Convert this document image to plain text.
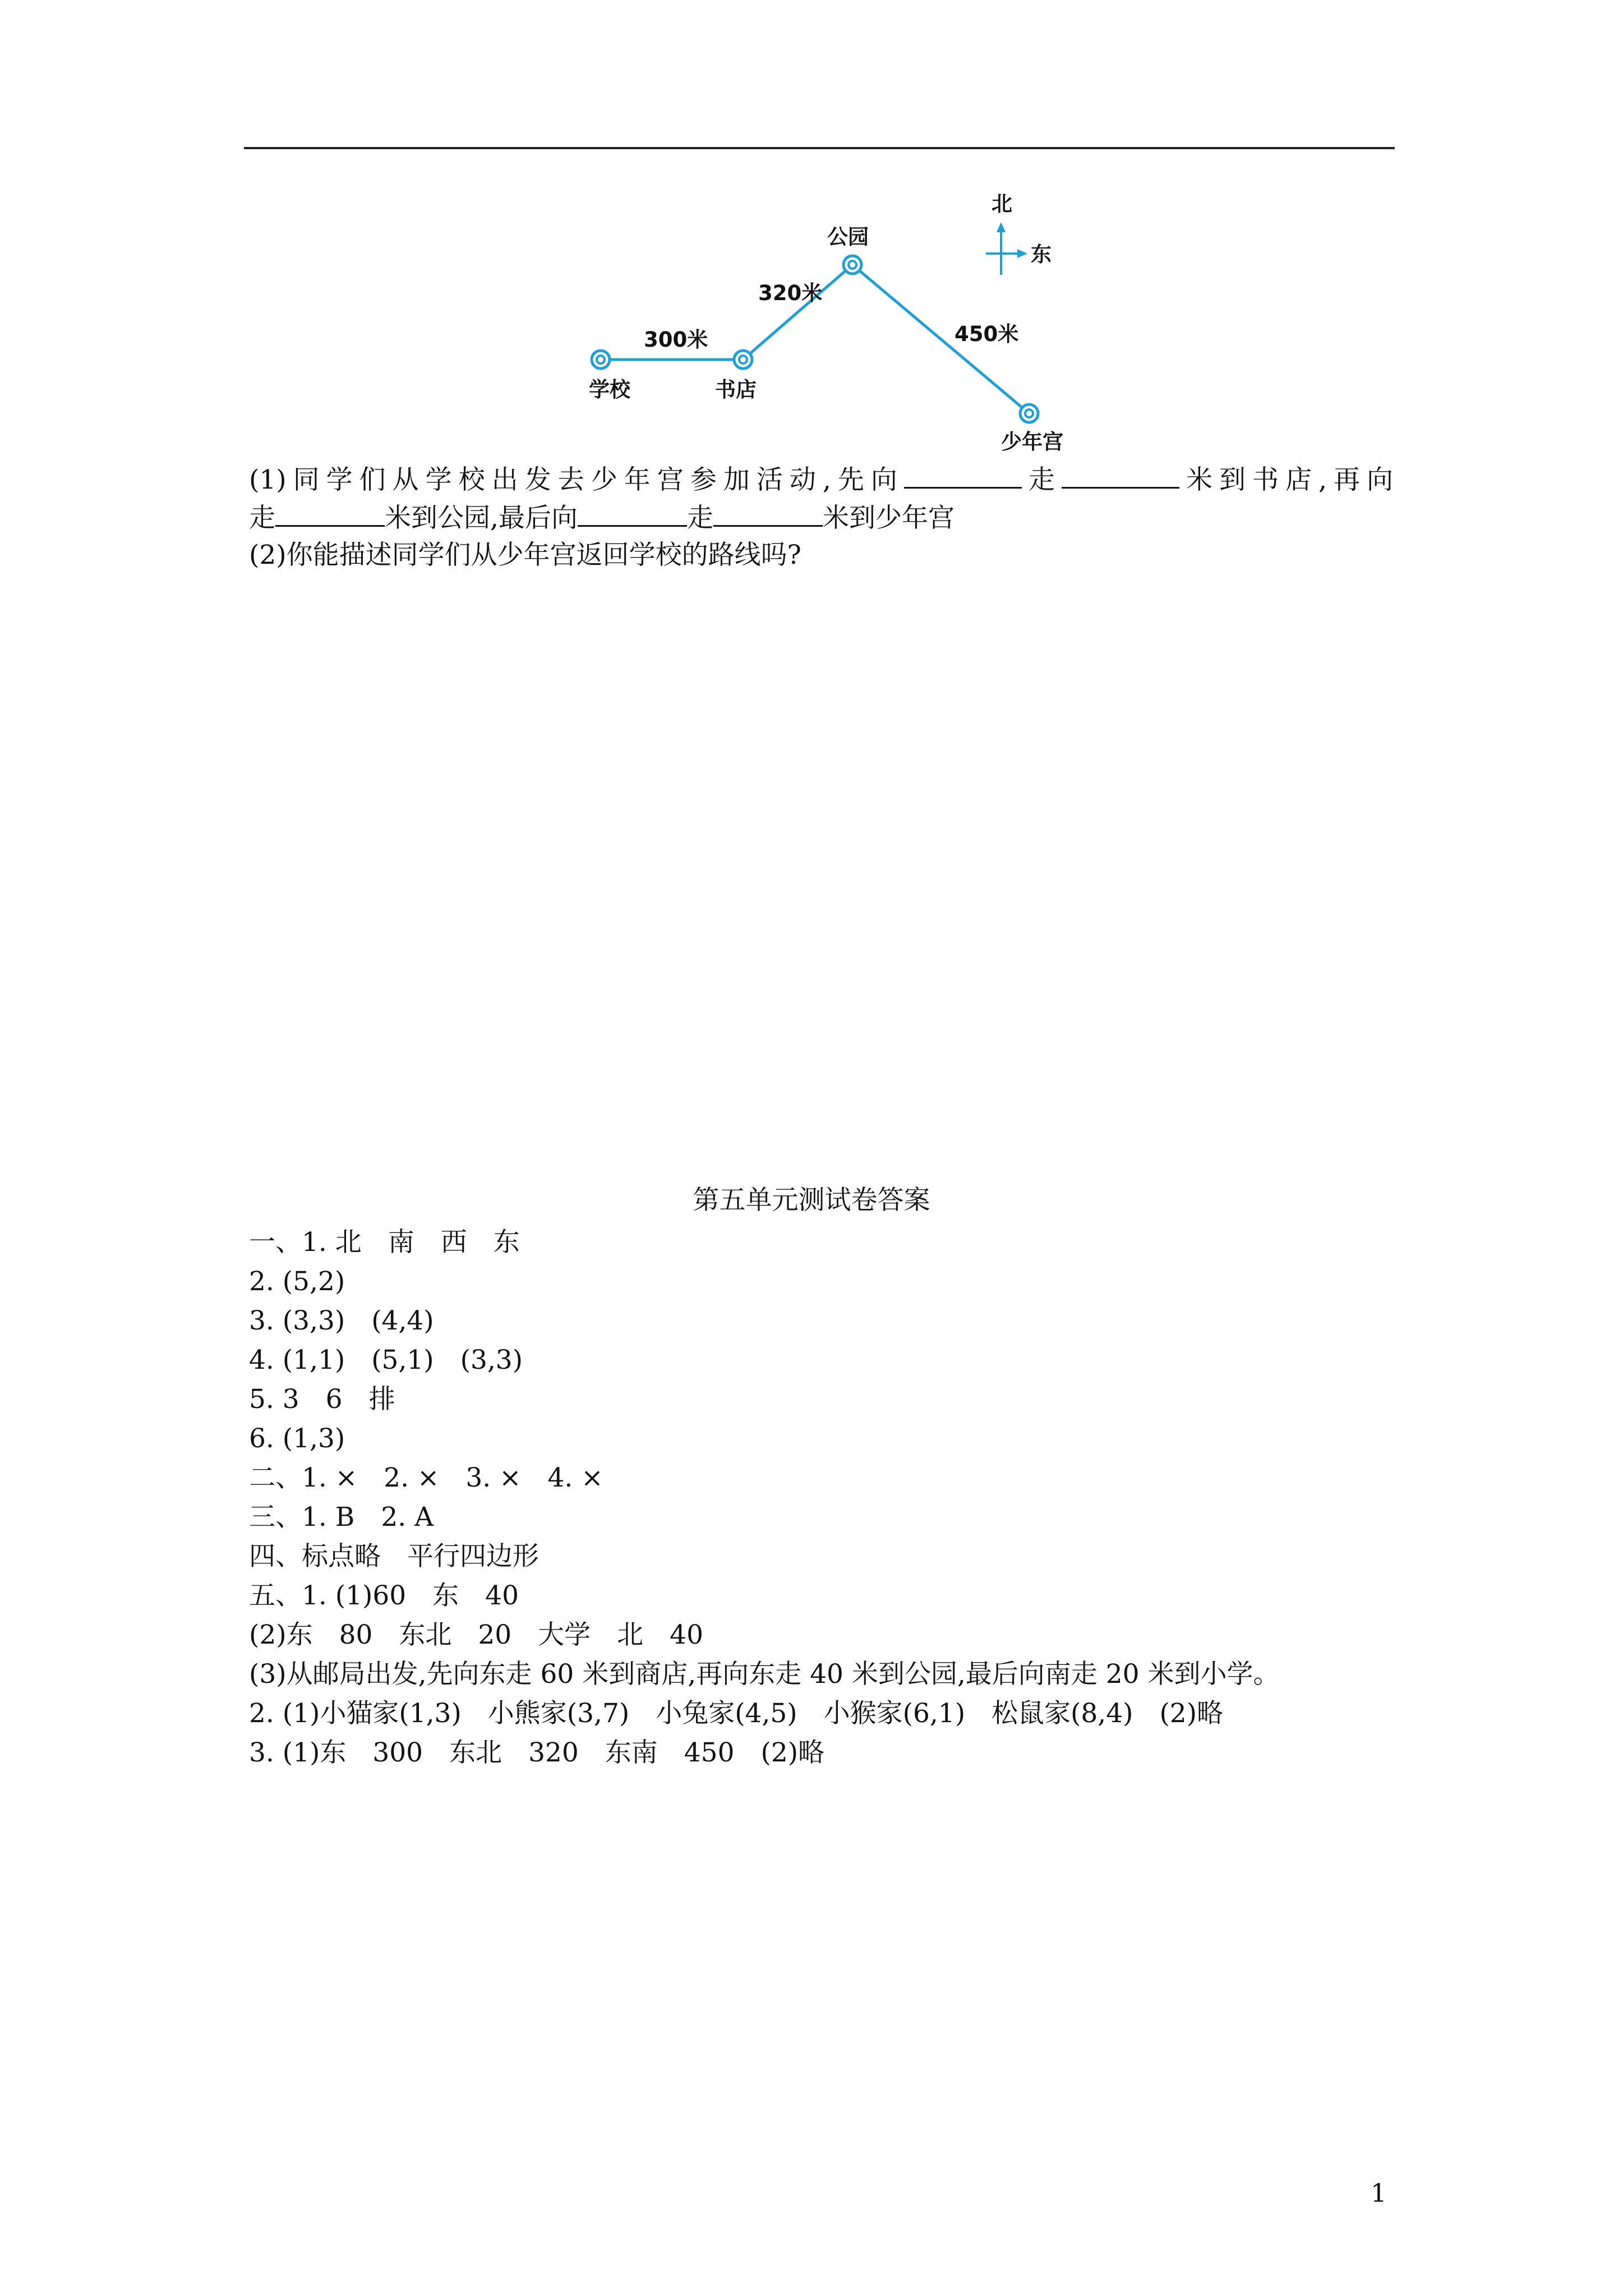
学校	书店
公园
少年宫
300米
320米
450米
北
东
(1)同学们从学校出发去少年宫参加活动,先向	走	米到书店,再向
走	米到公园,最后向	走	米到少年宫
(2)你能描述同学们从少年宫返回学校的路线吗?
第五单元测试卷答案
一、1. 北　南　西　东
2. (5,2)
3. (3,3)　(4,4)
4. (1,1)　(5,1)　(3,3)
5. 3　6　排
6. (1,3)
二、1. ×　2. ×　3. ×　4. ×
三、1. B　2. A
四、标点略　平行四边形
五、1. (1)60　东　40
(2)东　80　东北　20　大学　北　40
(3)从邮局出发,先向东走 60 米到商店,再向东走 40 米到公园,最后向南走 20 米到小学。
2. (1)小猫家(1,3)　小熊家(3,7)　小兔家(4,5)　小猴家(6,1)　松鼠家(8,4)　(2)略
3. (1)东　300　东北　320　东南　450　(2)略
1
